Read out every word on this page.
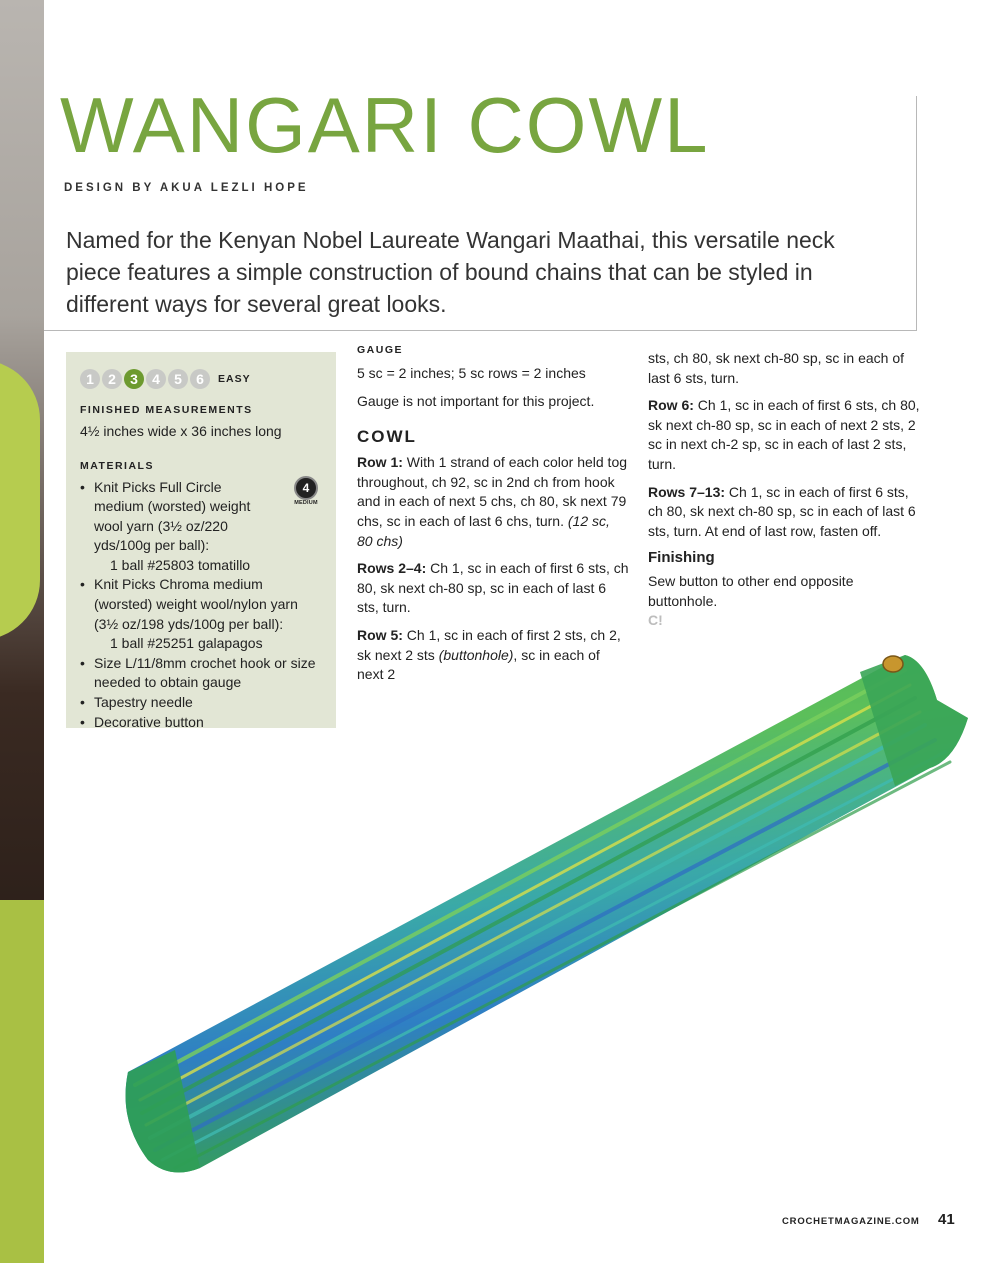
WANGARI COWL
DESIGN BY AKUA LEZLI HOPE

Named for the Kenyan Nobel Laureate Wangari Maathai, this versatile neck piece features a simple construction of bound chains that can be styled in different ways for several great looks.

1	2	3	4	5	6	EASY
FINISHED MEASUREMENTS

4½ inches wide x 36 inches long

MATERIALS
• Knit Picks Full Circle medium (worsted) weight wool yarn (3½ oz/220 yds/100g per ball):
1 ball #25803 tomatillo
• Knit Picks Chroma medium (worsted) weight wool/nylon yarn (3½ oz/198 yds/100g per ball):
1 ball #25251 galapagos
• Size L/11/8mm crochet hook or size needed to obtain gauge
• Tapestry needle
• Decorative button
4
MEDIUM
GAUGE

5 sc = 2 inches; 5 sc rows = 2 inches

Gauge is not important for this project.

COWL

Row 1: With 1 strand of each color held tog throughout, ch 92, sc in 2nd ch from hook and in each of next 5 chs, ch 80, sk next 79 chs, sc in each of last 6 chs, turn. (12 sc, 80 chs)

Rows 2–4: Ch 1, sc in each of first 6 sts, ch 80, sk next ch-80 sp, sc in each of last 6 sts, turn.

Row 5: Ch 1, sc in each of first 2 sts, ch 2, sk next 2 sts (buttonhole), sc in each of next 2

sts, ch 80, sk next ch-80 sp, sc in each of last 6 sts, turn.

Row 6: Ch 1, sc in each of first 6 sts, ch 80, sk next ch-80 sp, sc in each of next 2 sts, 2 sc in next ch-2 sp, sc in each of last 2 sts, turn.

Rows 7–13: Ch 1, sc in each of first 6 sts, ch 80, sk next ch-80 sp, sc in each of last 6 sts, turn. At end of last row, fasten off.

Finishing

Sew button to other end opposite buttonhole.

C!

CROCHETMAGAZINE.COM 41
